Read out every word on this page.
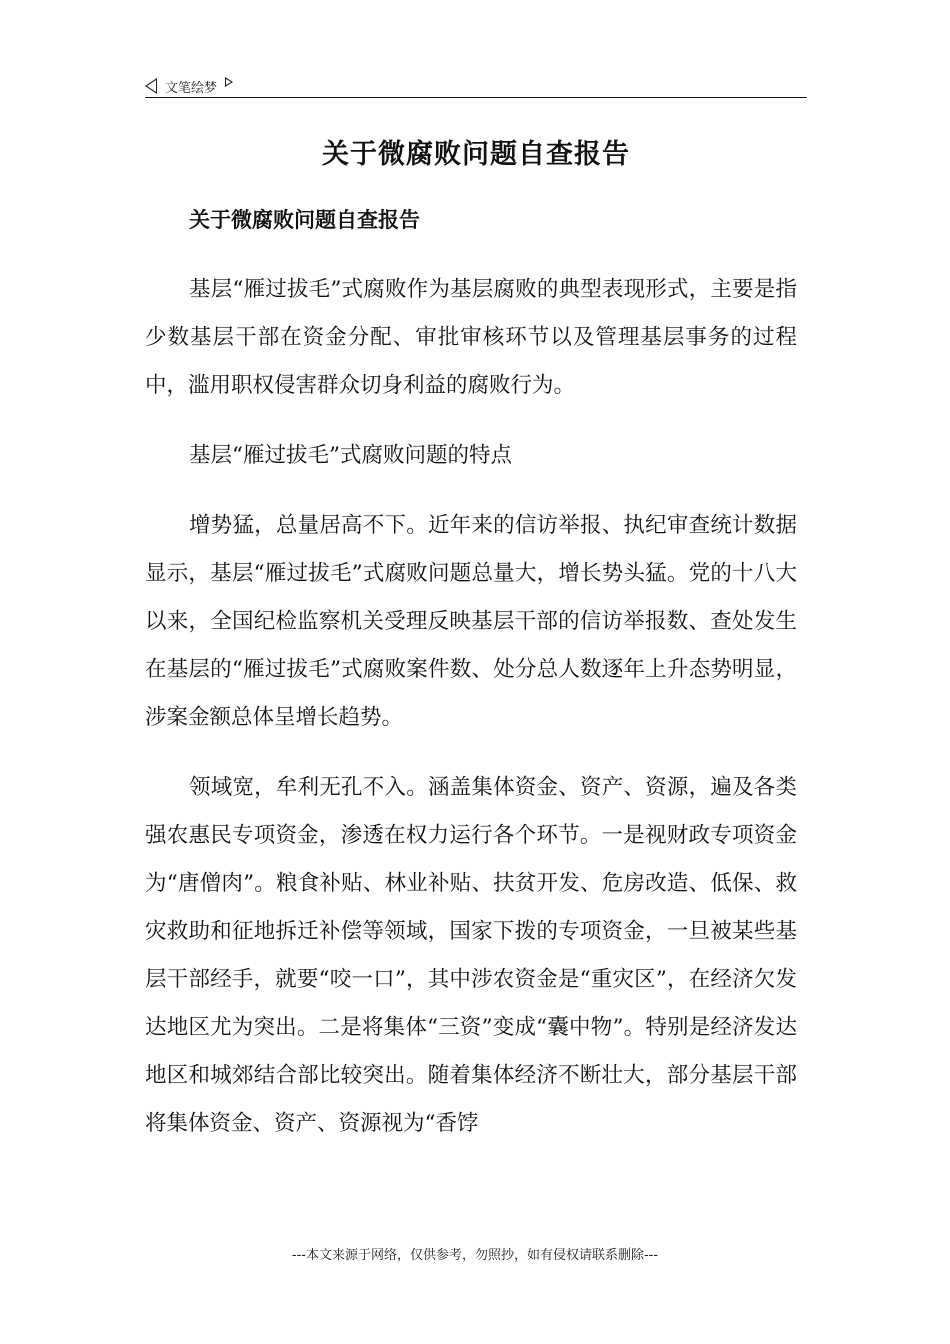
文笔绘梦
关于微腐败问题自查报告
关于微腐败问题自查报告

基层“雁过拔毛”式腐败作为基层腐败的典型表现形式，主要是指少数基层干部在资金分配、审批审核环节以及管理基层事务的过程中，滥用职权侵害群众切身利益的腐败行为。

基层“雁过拔毛”式腐败问题的特点

增势猛，总量居高不下。近年来的信访举报、执纪审查统计数据显示，基层“雁过拔毛”式腐败问题总量大，增长势头猛。党的十八大以来，全国纪检监察机关受理反映基层干部的信访举报数、查处发生在基层的“雁过拔毛”式腐败案件数、处分总人数逐年上升态势明显，涉案金额总体呈增长趋势。

领域宽，牟利无孔不入。涵盖集体资金、资产、资源，遍及各类强农惠民专项资金，渗透在权力运行各个环节。一是视财政专项资金为“唐僧肉”。粮食补贴、林业补贴、扶贫开发、危房改造、低保、救灾救助和征地拆迁补偿等领域，国家下拨的专项资金，一旦被某些基层干部经手，就要“咬一口”，其中涉农资金是“重灾区”，在经济欠发达地区尤为突出。二是将集体“三资”变成“囊中物”。特别是经济发达地区和城郊结合部比较突出。随着集体经济不断壮大，部分基层干部将集体资金、资产、资源视为“香饽

---本文来源于网络，仅供参考，勿照抄，如有侵权请联系删除---
